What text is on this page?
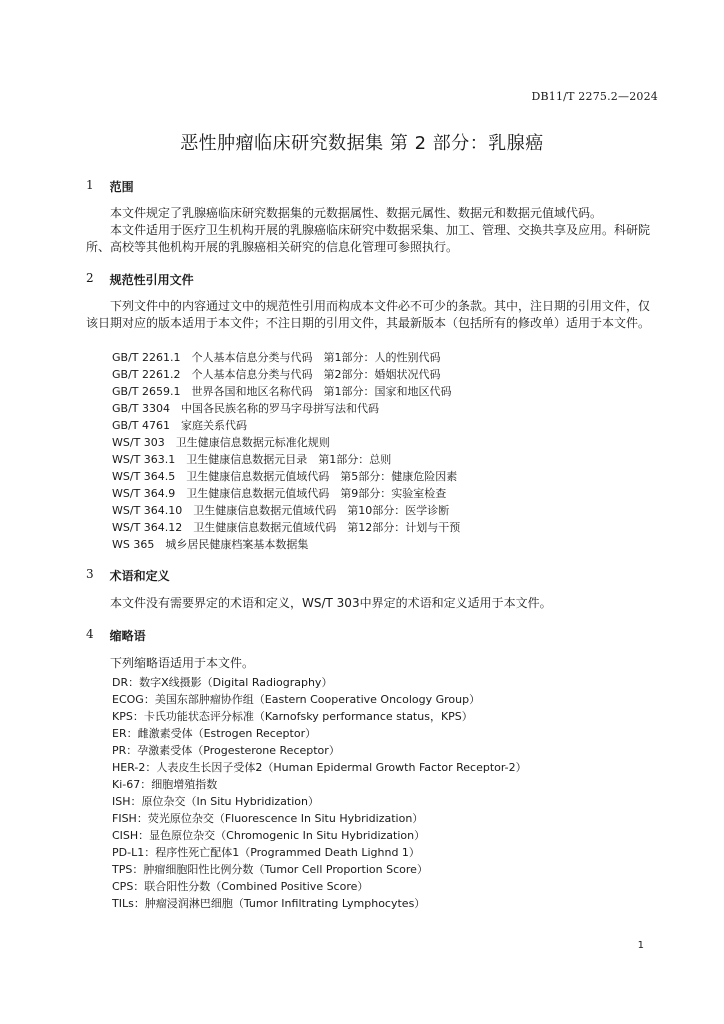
DB11/T 2275.2—2024
恶性肿瘤临床研究数据集 第 2 部分：乳腺癌
1 范围

本文件规定了乳腺癌临床研究数据集的元数据属性、数据元属性、数据元和数据元值域代码。

本文件适用于医疗卫生机构开展的乳腺癌临床研究中数据采集、加工、管理、交换共享及应用。科研院所、高校等其他机构开展的乳腺癌相关研究的信息化管理可参照执行。

2 规范性引用文件

下列文件中的内容通过文中的规范性引用而构成本文件必不可少的条款。其中，注日期的引用文件，仅该日期对应的版本适用于本文件；不注日期的引用文件，其最新版本（包括所有的修改单）适用于本文件。

GB/T 2261.1　个人基本信息分类与代码　第1部分：人的性别代码
GB/T 2261.2　个人基本信息分类与代码　第2部分：婚姻状况代码
GB/T 2659.1　世界各国和地区名称代码　第1部分：国家和地区代码
GB/T 3304　中国各民族名称的罗马字母拼写法和代码
GB/T 4761　家庭关系代码
WS/T 303　卫生健康信息数据元标准化规则
WS/T 363.1　卫生健康信息数据元目录　第1部分：总则
WS/T 364.5　卫生健康信息数据元值域代码　第5部分：健康危险因素
WS/T 364.9　卫生健康信息数据元值域代码　第9部分：实验室检查
WS/T 364.10　卫生健康信息数据元值域代码　第10部分：医学诊断
WS/T 364.12　卫生健康信息数据元值域代码　第12部分：计划与干预
WS 365　城乡居民健康档案基本数据集
3 术语和定义

本文件没有需要界定的术语和定义，WS/T 303中界定的术语和定义适用于本文件。

4 缩略语

下列缩略语适用于本文件。

DR：数字X线摄影（Digital Radiography）
ECOG：美国东部肿瘤协作组（Eastern Cooperative Oncology Group）
KPS：卡氏功能状态评分标准（Karnofsky performance status，KPS）
ER：雌激素受体（Estrogen Receptor）
PR：孕激素受体（Progesterone Receptor）
HER-2：人表皮生长因子受体2（Human Epidermal Growth Factor Receptor-2）
Ki-67：细胞增殖指数
ISH：原位杂交（In Situ Hybridization）
FISH：荧光原位杂交（Fluorescence In Situ Hybridization）
CISH：显色原位杂交（Chromogenic In Situ Hybridization）
PD-L1：程序性死亡配体1（Programmed Death Lighnd 1）
TPS：肿瘤细胞阳性比例分数（Tumor Cell Proportion Score）
CPS：联合阳性分数（Combined Positive Score）
TILs：肿瘤浸润淋巴细胞（Tumor Infiltrating Lymphocytes）
1
